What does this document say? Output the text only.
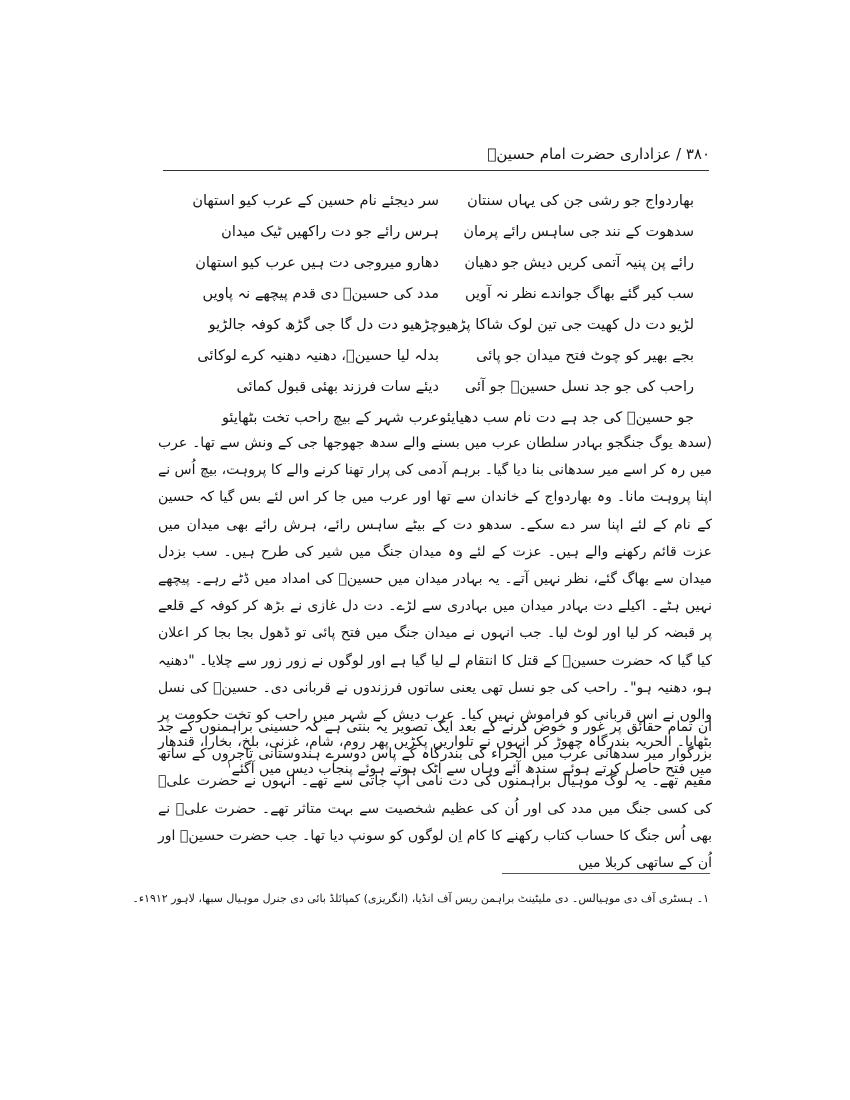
۳۸۰ / عزاداری حضرت امام حسینؑ
بھاردواج جو رشی جن کی یہاں سنتان
سر دیجئے نام حسین کے عرب کیو استھان
سدھوت کے نند جی ساہس رائے پرمان
ہرس رائے جو دت راکھیں ٹیک میدان
رائے پن پنیہ آتمی کریں دیش جو دھیان
دھارو میروجی دت ہیں عرب کیو استھان
سب کیر گئے بھاگ جواندے نظر نہ آویں
مدد کی حسینؑ دی قدم پیچھے نہ پاویں
لڑیو دت دل کھیت جی تین لوک شاکا پڑھیو
چڑھیو دت دل گا جی گڑھ کوفہ جالڑیو
بجے بھیر کو چوٹ فتح میدان جو پائی
بدلہ لیا حسینؑ، دھنیہ دھنیہ کرے لوکائی
راحب کی جو جد نسل حسینؑ جو آئی
دیئے سات فرزند بھئی قبول کمائی
جو حسینؑ کی جد ہے دت نام سب دھیایئو
عرب شہر کے بیچ راحب تخت بٹھایئو

(سدھ یوگ جنگجو بہادر سلطان عرب میں بسنے والے سدھ جھوجھا جی کے ونش سے تھا۔ عرب میں رہ کر اسے میر سدھانی بنا دیا گیا۔ برہم آدمی کی پرار تھنا کرنے والے کا پروہت، بیچ اُس نے اپنا پروہت مانا۔ وہ بھاردواج کے خاندان سے تھا اور عرب میں جا کر اس لئے بس گیا کہ حسین کے نام کے لئے اپنا سر دے سکے۔ سدھو دت کے بیٹے ساہس رائے، ہرش رائے بھی میدان میں عزت قائم رکھنے والے ہیں۔ عزت کے لئے وہ میدان جنگ میں شیر کی طرح ہیں۔ سب بزدل میدان سے بھاگ گئے، نظر نہیں آتے۔ یہ بہادر میدان میں حسینؑ کی امداد میں ڈٹے رہے۔ پیچھے نہیں ہٹے۔ اکیلے دت بہادر میدان میں بہادری سے لڑے۔ دت دل غازی نے بڑھ کر کوفہ کے قلعے پر قبضہ کر لیا اور لوٹ لیا۔ جب انہوں نے میدان جنگ میں فتح پائی تو ڈھول بجا بجا کر اعلان کیا گیا کہ حضرت حسینؑ کے قتل کا انتقام لے لیا گیا ہے اور لوگوں نے زور زور سے چلایا۔ "دھنیہ ہو، دھنیہ ہو"۔ راحب کی جو نسل تھی یعنی ساتوں فرزندوں نے قربانی دی۔ حسینؑ کی نسل والوں نے اس قربانی کو فراموش نہیں کیا۔ عرب دیش کے شہر میں راحب کو تخت حکومت پر بٹھایا۔ الحریہ بندرگاہ چھوڑ کر انہوں نے تلواریں پکڑیں پھر روم، شام، غزنی، بلخ، بخارا، قندھار میں فتح حاصل کرتے ہوئے سندھ آئے وہاں سے اٹک ہوتے ہوئے پنجاب دیس میں آگئے$^۱$

ان تمام حقائق پر غور و خوض کرنے کے بعد ایک تصویر یہ بنتی ہے کہ حسینی براہمنوں کے جد بزرگوار میر سدھانی عرب میں الحراء کی بندرگاہ کے پاس دوسرے ہندوستانی تاجروں کے ساتھ مقیم تھے۔ یہ لوگ موہیال براہمنوں کی دت نامی اُپ جاتی سے تھے۔ انہوں نے حضرت علیؑ کی کسی جنگ میں مدد کی اور اُن کی عظیم شخصیت سے بہت متاثر تھے۔ حضرت علیؑ نے بھی اُس جنگ کا حساب کتاب رکھنے کا کام اِن لوگوں کو سونپ دیا تھا۔ جب حضرت حسینؑ اور اُن کے ساتھی کربلا میں

۱۔ ہسٹری آف دی موہیالس۔ دی ملیٹینٹ براہمن ریس آف انڈیا، (انگریزی) کمپائلڈ بائی دی جنرل موہیال سبھا، لاہور ۱۹۱۲ء۔
